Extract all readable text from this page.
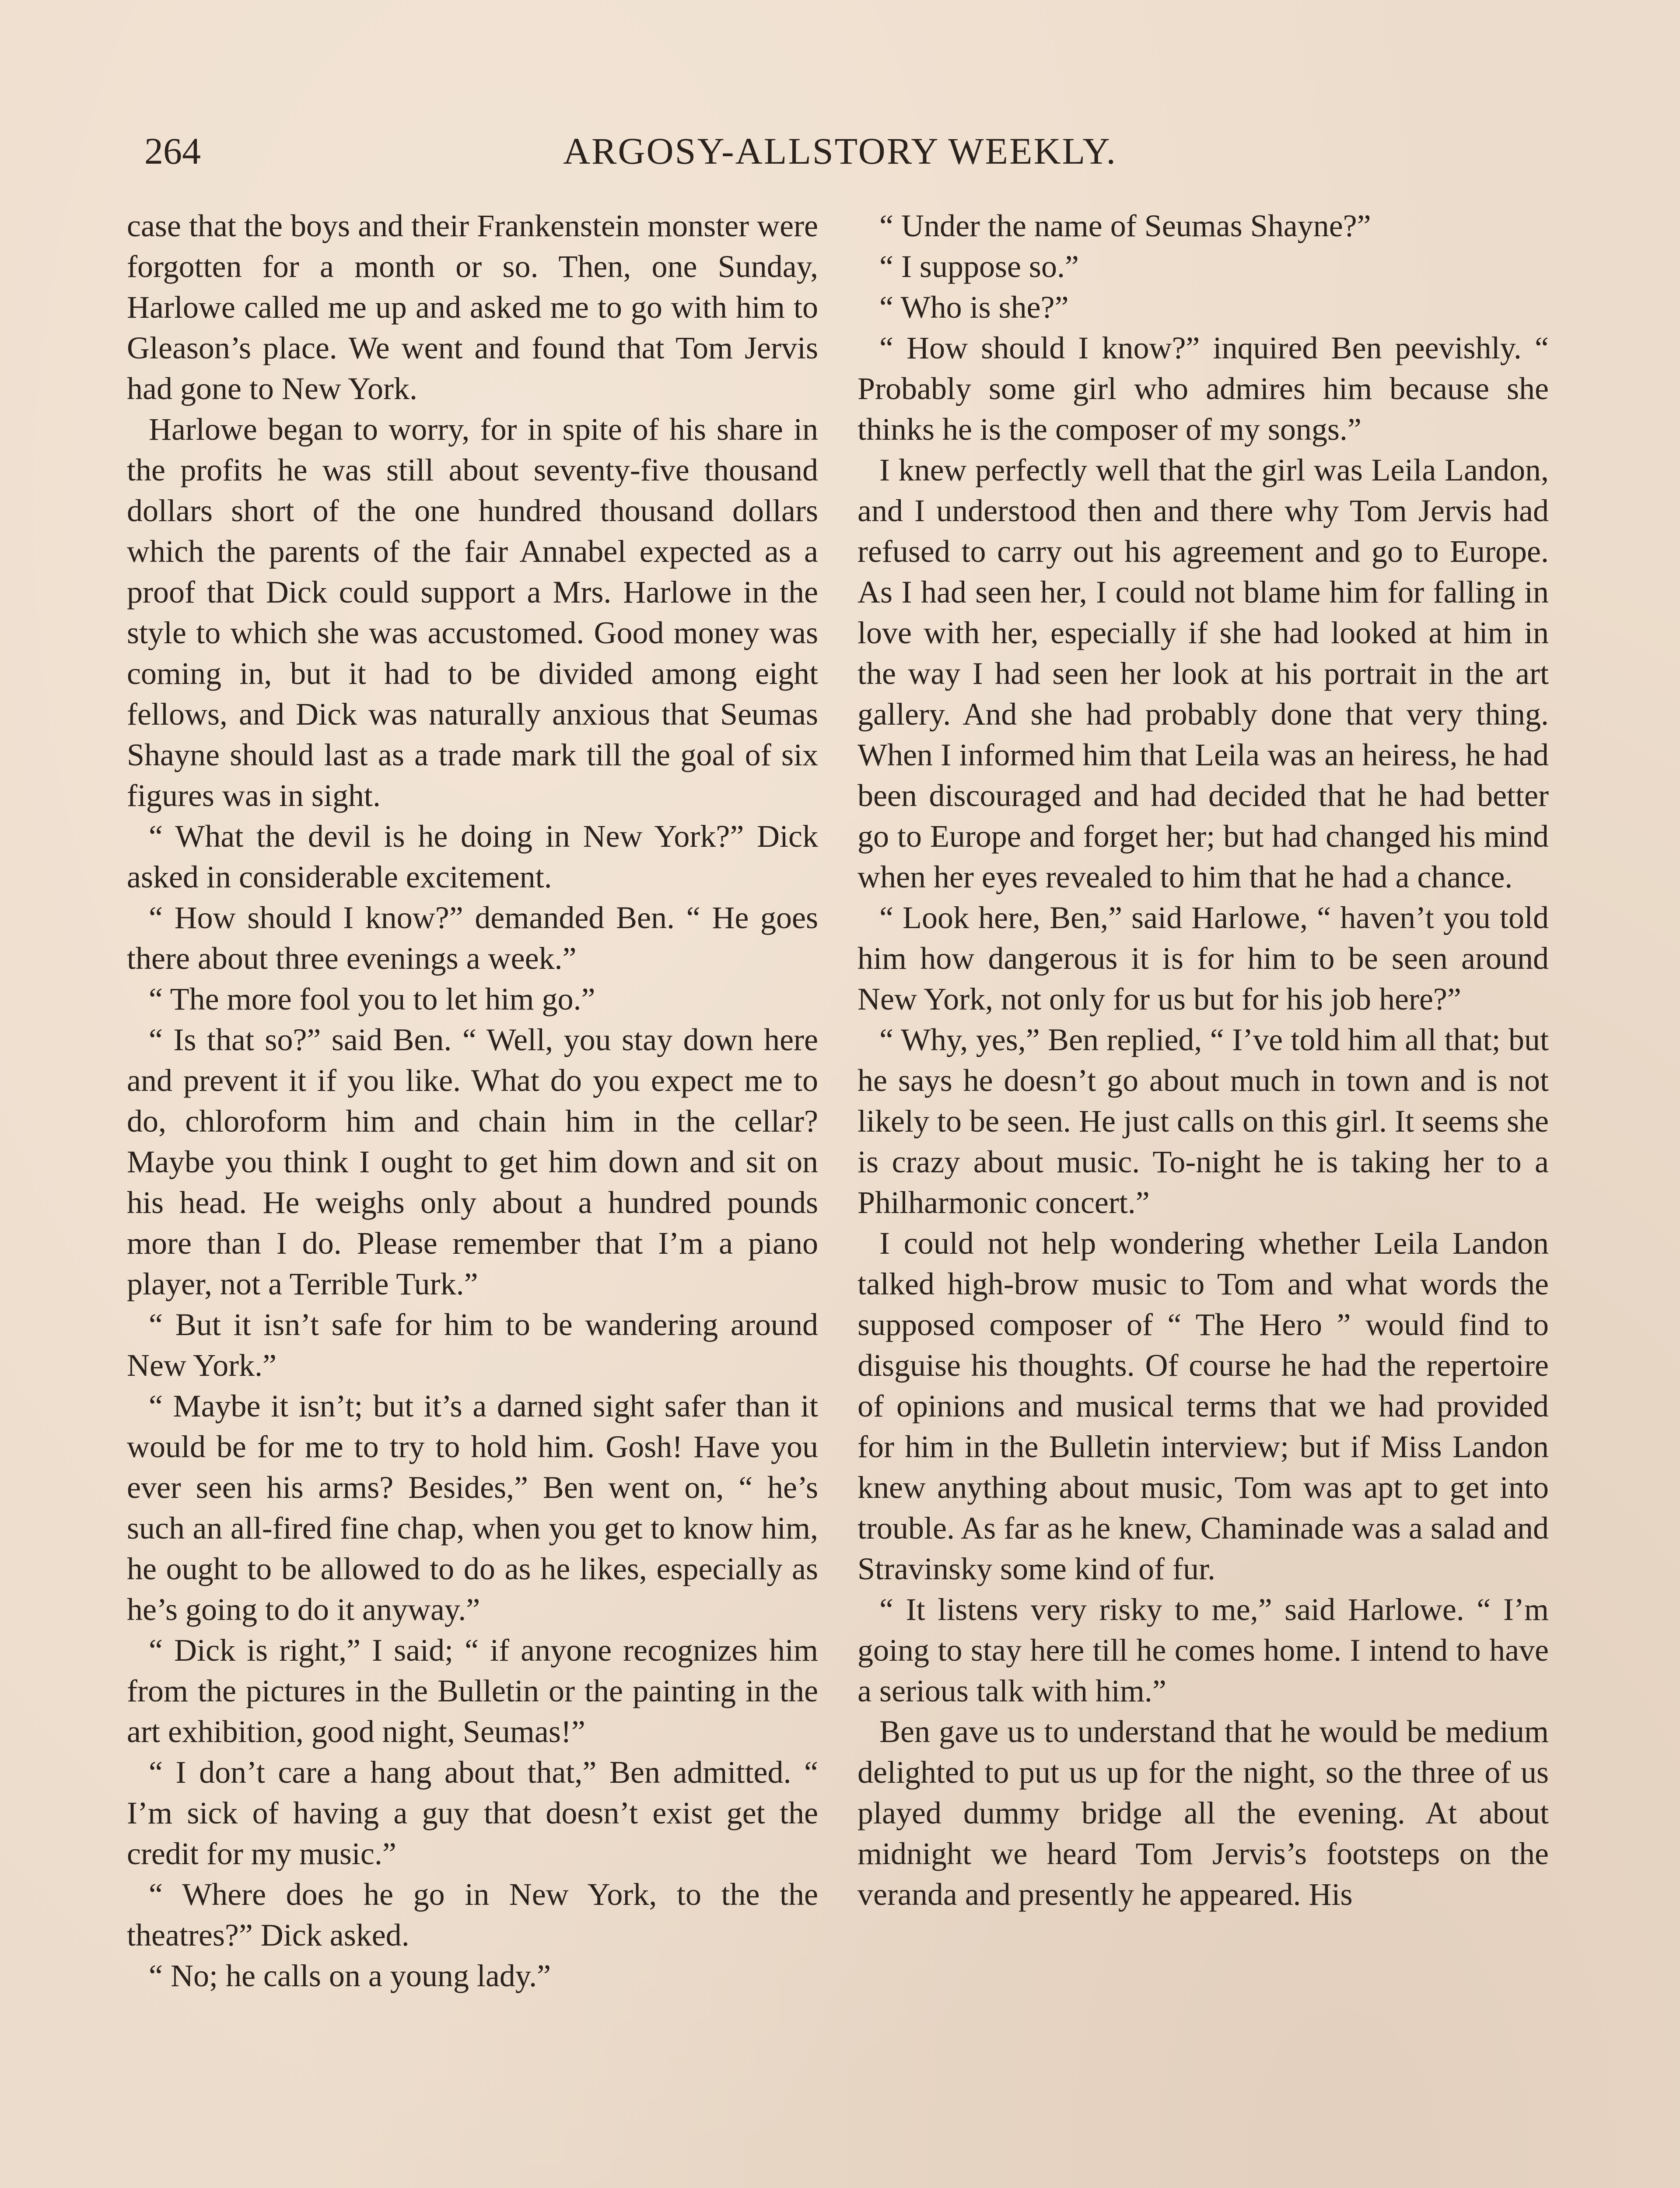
264	ARGOSY-ALLSTORY WEEKLY.

case that the boys and their Frankenstein monster were forgotten for a month or so. Then, one Sunday, Harlowe called me up and asked me to go with him to Gleason’s place. We went and found that Tom Jervis had gone to New York.

Harlowe began to worry, for in spite of his share in the profits he was still about seventy-five thousand dollars short of the one hundred thousand dollars which the parents of the fair Annabel expected as a proof that Dick could support a Mrs. Harlowe in the style to which she was accustomed. Good money was coming in, but it had to be divided among eight fellows, and Dick was naturally anxious that Seumas Shayne should last as a trade mark till the goal of six figures was in sight.

“ What the devil is he doing in New York?” Dick asked in considerable excitement.

“ How should I know?” demanded Ben. “ He goes there about three evenings a week.”

“ The more fool you to let him go.”

“ Is that so?” said Ben. “ Well, you stay down here and prevent it if you like. What do you expect me to do, chloroform him and chain him in the cellar? Maybe you think I ought to get him down and sit on his head. He weighs only about a hundred pounds more than I do. Please remember that I’m a piano player, not a Terrible Turk.”

“ But it isn’t safe for him to be wandering around New York.”

“ Maybe it isn’t; but it’s a darned sight safer than it would be for me to try to hold him. Gosh! Have you ever seen his arms? Besides,” Ben went on, “ he’s such an all-fired fine chap, when you get to know him, he ought to be allowed to do as he likes, especially as he’s going to do it anyway.”

“ Dick is right,” I said; “ if anyone recognizes him from the pictures in the Bulletin or the painting in the art exhibition, good night, Seumas!”

“ I don’t care a hang about that,” Ben admitted. “ I’m sick of having a guy that doesn’t exist get the credit for my music.”

“ Where does he go in New York, to the the theatres?” Dick asked.

“ No; he calls on a young lady.”

“ Under the name of Seumas Shayne?”

“ I suppose so.”

“ Who is she?”

“ How should I know?” inquired Ben peevishly. “ Probably some girl who admires him because she thinks he is the composer of my songs.”

I knew perfectly well that the girl was Leila Landon, and I understood then and there why Tom Jervis had refused to carry out his agreement and go to Europe. As I had seen her, I could not blame him for falling in love with her, especially if she had looked at him in the way I had seen her look at his portrait in the art gallery. And she had probably done that very thing. When I informed him that Leila was an heiress, he had been discouraged and had decided that he had better go to Europe and forget her; but had changed his mind when her eyes revealed to him that he had a chance.

“ Look here, Ben,” said Harlowe, “ haven’t you told him how dangerous it is for him to be seen around New York, not only for us but for his job here?”

“ Why, yes,” Ben replied, “ I’ve told him all that; but he says he doesn’t go about much in town and is not likely to be seen. He just calls on this girl. It seems she is crazy about music. To-night he is taking her to a Philharmonic concert.”

I could not help wondering whether Leila Landon talked high-brow music to Tom and what words the supposed composer of “ The Hero ” would find to disguise his thoughts. Of course he had the repertoire of opinions and musical terms that we had provided for him in the Bulletin interview; but if Miss Landon knew anything about music, Tom was apt to get into trouble. As far as he knew, Chaminade was a salad and Stravinsky some kind of fur.

“ It listens very risky to me,” said Harlowe. “ I’m going to stay here till he comes home. I intend to have a serious talk with him.”

Ben gave us to understand that he would be medium delighted to put us up for the night, so the three of us played dummy bridge all the evening. At about midnight we heard Tom Jervis’s footsteps on the veranda and presently he appeared. His
